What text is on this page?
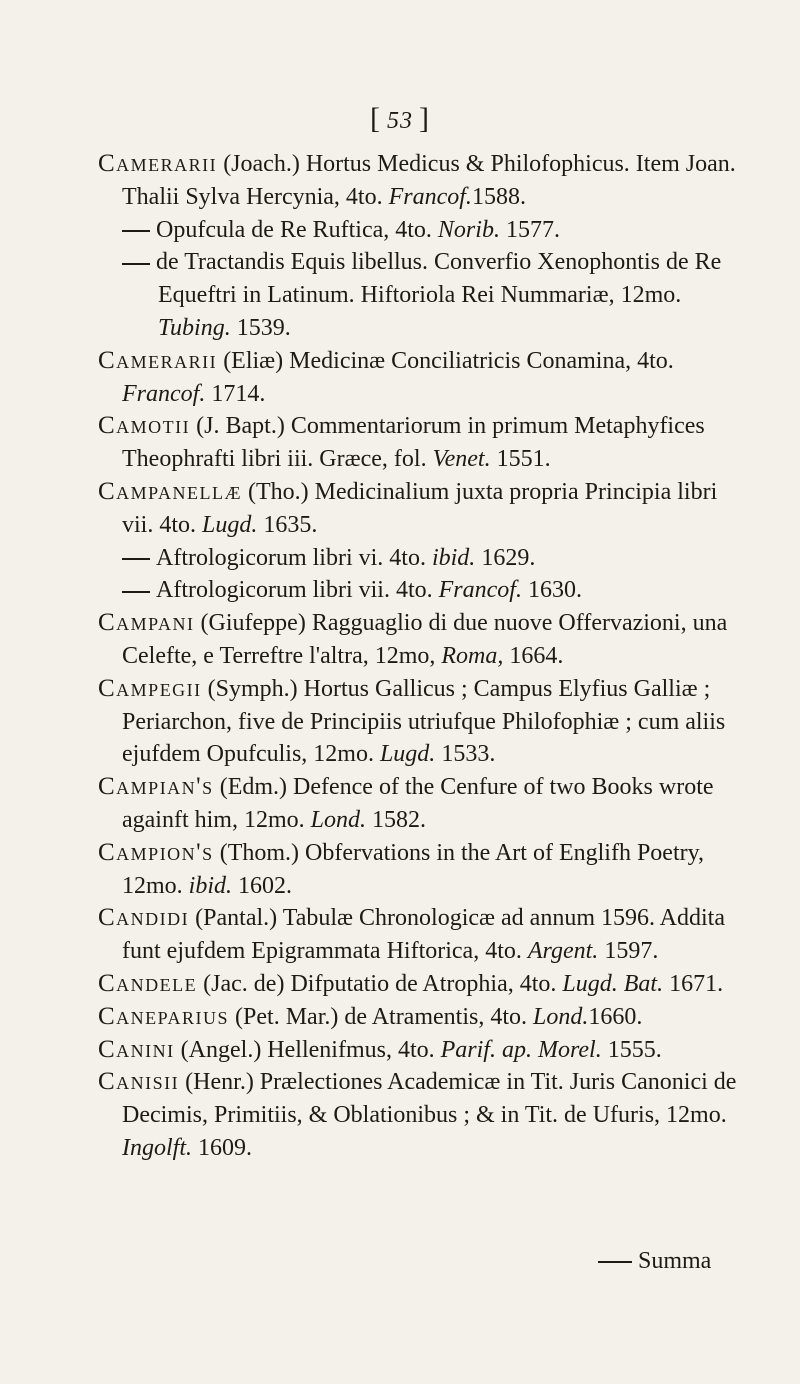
[ 53 ]

Camerarii (Joach.) Hortus Medicus & Philofophicus. Item Joan. Thalii Sylva Hercynia, 4to. Francof.1588.

Opufcula de Re Ruftica, 4to. Norib. 1577.

de Tractandis Equis libellus. Converfio Xenophontis de Re Equeftri in Latinum. Hiftoriola Rei Nummariæ, 12mo. Tubing. 1539.

Camerarii (Eliæ) Medicinæ Conciliatricis Conamina, 4to. Francof. 1714.

Camotii (J. Bapt.) Commentariorum in primum Metaphyfices Theophrafti libri iii. Græce, fol. Venet. 1551.

Campanellæ (Tho.) Medicinalium juxta propria Principia libri vii. 4to. Lugd. 1635.

Aftrologicorum libri vi. 4to. ibid. 1629.

Aftrologicorum libri vii. 4to. Francof. 1630.

Campani (Giufeppe) Ragguaglio di due nuove Offervazioni, una Celefte, e Terreftre l'altra, 12mo, Roma, 1664.

Campegii (Symph.) Hortus Gallicus ; Campus Elyfius Galliæ ; Periarchon, five de Principiis utriufque Philofophiæ ; cum aliis ejufdem Opufculis, 12mo. Lugd. 1533.

Campian's (Edm.) Defence of the Cenfure of two Books wrote againft him, 12mo. Lond. 1582.

Campion's (Thom.) Obfervations in the Art of Englifh Poetry, 12mo. ibid. 1602.

Candidi (Pantal.) Tabulæ Chronologicæ ad annum 1596. Addita funt ejufdem Epigrammata Hiftorica, 4to. Argent. 1597.

Candele (Jac. de) Difputatio de Atrophia, 4to. Lugd. Bat. 1671.

Caneparius (Pet. Mar.) de Atramentis, 4to. Lond.1660.

Canini (Angel.) Hellenifmus, 4to. Parif. ap. Morel. 1555.

Canisii (Henr.) Prælectiones Academicæ in Tit. Juris Canonici de Decimis, Primitiis, & Oblationibus ; & in Tit. de Ufuris, 12mo. Ingolft. 1609.

Summa
